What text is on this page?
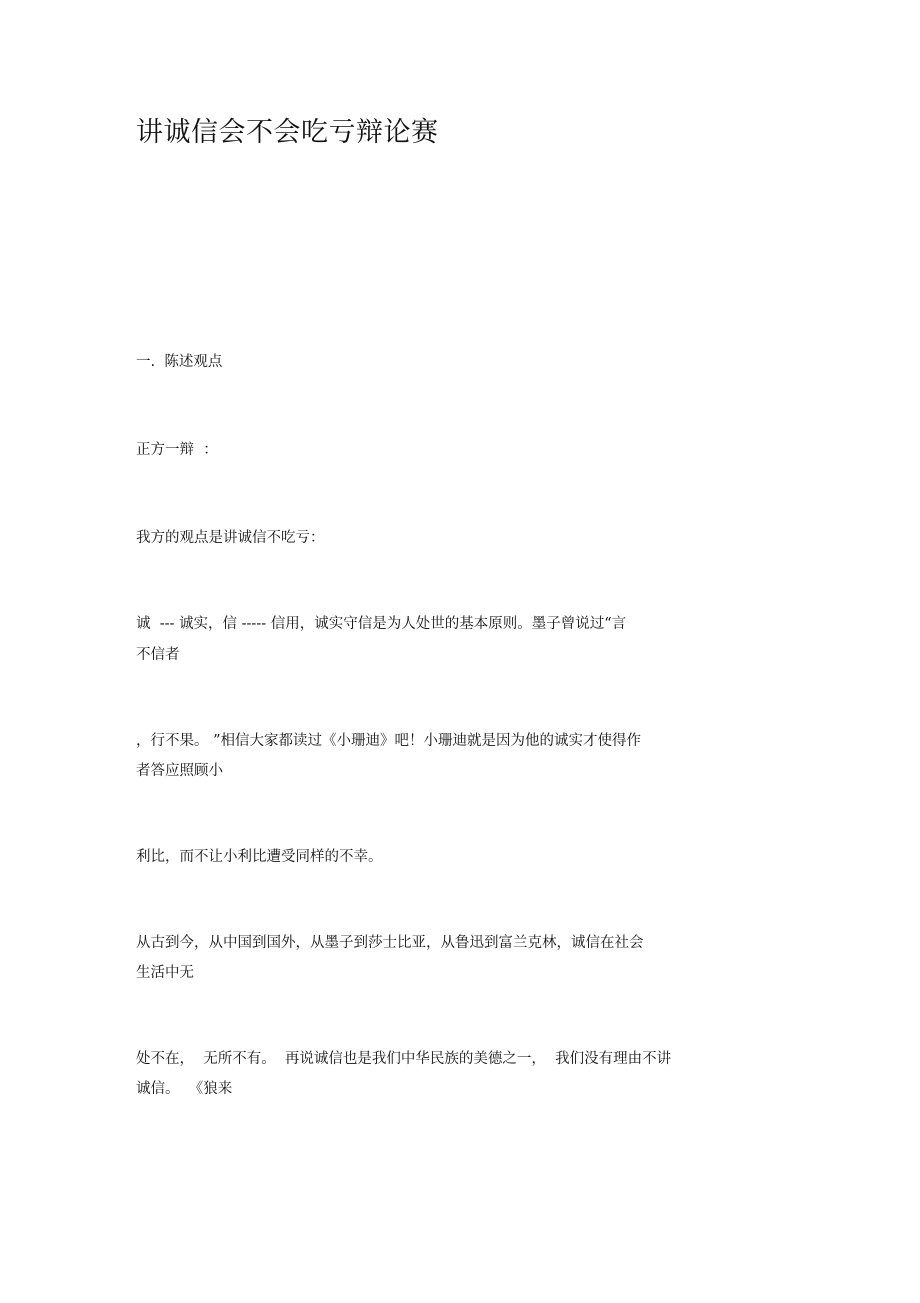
讲诚信会不会吃亏辩论赛

一.  陈述观点

正方一辩  ：

我方的观点是讲诚信不吃亏：

诚  --- 诚实，信 ----- 信用，诚实守信是为人处世的基本原则。墨子曾说过“言

不信者

，行不果。 ”相信大家都读过《小珊迪》吧！小珊迪就是因为他的诚实才使得作

者答应照顾小

利比，而不让小利比遭受同样的不幸。

从古到今，从中国到国外，从墨子到莎士比亚，从鲁迅到富兰克林，诚信在社会

生活中无

处不在，  无所不有。  再说诚信也是我们中华民族的美德之一，  我们没有理由不讲

诚信。  《狼来
